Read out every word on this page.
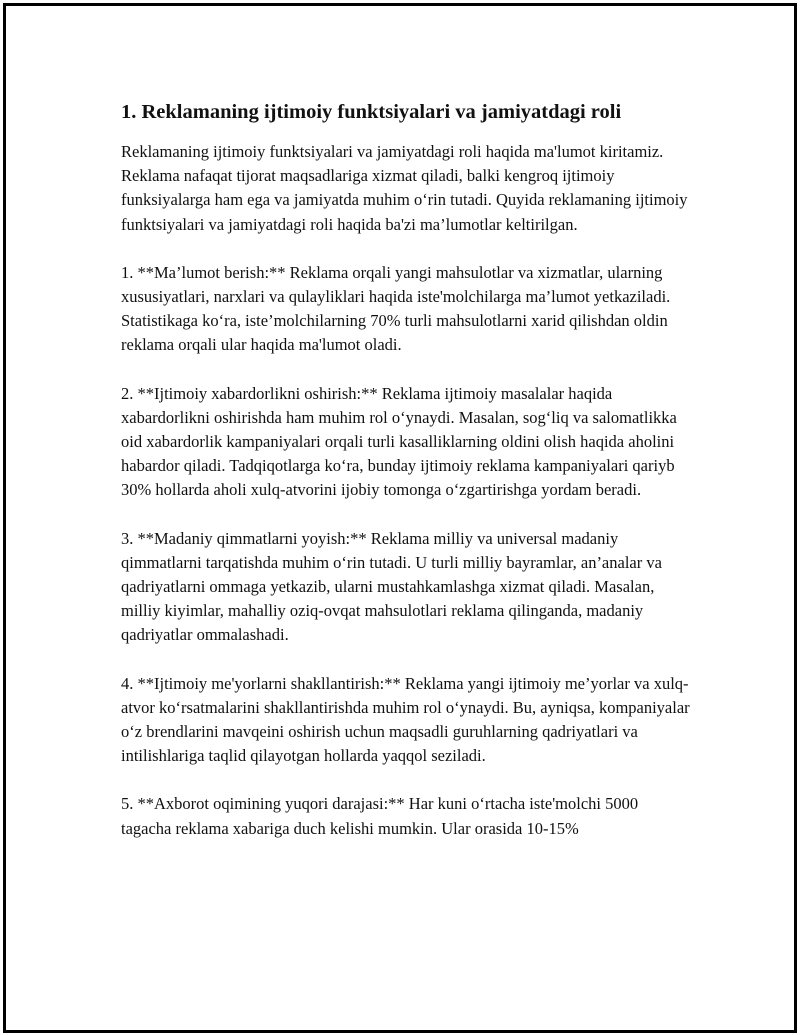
1. Reklamaning ijtimoiy funktsiyalari va jamiyatdagi roli

Reklamaning ijtimoiy funktsiyalari va jamiyatdagi roli haqida ma'lumot kiritamiz. Reklama nafaqat tijorat maqsadlariga xizmat qiladi, balki kengroq ijtimoiy funksiyalarga ham ega va jamiyatda muhim o‘rin tutadi. Quyida reklamaning ijtimoiy funktsiyalari va jamiyatdagi roli haqida ba'zi ma’lumotlar keltirilgan.

1. **Ma’lumot berish:** Reklama orqali yangi mahsulotlar va xizmatlar, ularning xususiyatlari, narxlari va qulayliklari haqida iste'molchilarga ma’lumot yetkaziladi. Statistikaga ko‘ra, iste’molchilarning 70% turli mahsulotlarni xarid qilishdan oldin reklama orqali ular haqida ma'lumot oladi.

2. **Ijtimoiy xabardorlikni oshirish:** Reklama ijtimoiy masalalar haqida xabardorlikni oshirishda ham muhim rol o‘ynaydi. Masalan, sog‘liq va salomatlikka oid xabardorlik kampaniyalari orqali turli kasalliklarning oldini olish haqida aholini habardor qiladi. Tadqiqotlarga ko‘ra, bunday ijtimoiy reklama kampaniyalari qariyb 30% hollarda aholi xulq-atvorini ijobiy tomonga o‘zgartirishga yordam beradi.

3. **Madaniy qimmatlarni yoyish:** Reklama milliy va universal madaniy qimmatlarni tarqatishda muhim o‘rin tutadi. U turli milliy bayramlar, an’analar va qadriyatlarni ommaga yetkazib, ularni mustahkamlashga xizmat qiladi. Masalan, milliy kiyimlar, mahalliy oziq-ovqat mahsulotlari reklama qilinganda, madaniy qadriyatlar ommalashadi.

4. **Ijtimoiy me'yorlarni shakllantirish:** Reklama yangi ijtimoiy me’yorlar va xulq-atvor ko‘rsatmalarini shakllantirishda muhim rol o‘ynaydi. Bu, ayniqsa, kompaniyalar o‘z brendlarini mavqeini oshirish uchun maqsadli guruhlarning qadriyatlari va intilishlariga taqlid qilayotgan hollarda yaqqol seziladi.

5. **Axborot oqimining yuqori darajasi:** Har kuni o‘rtacha iste'molchi 5000 tagacha reklama xabariga duch kelishi mumkin. Ular orasida 10-15%
